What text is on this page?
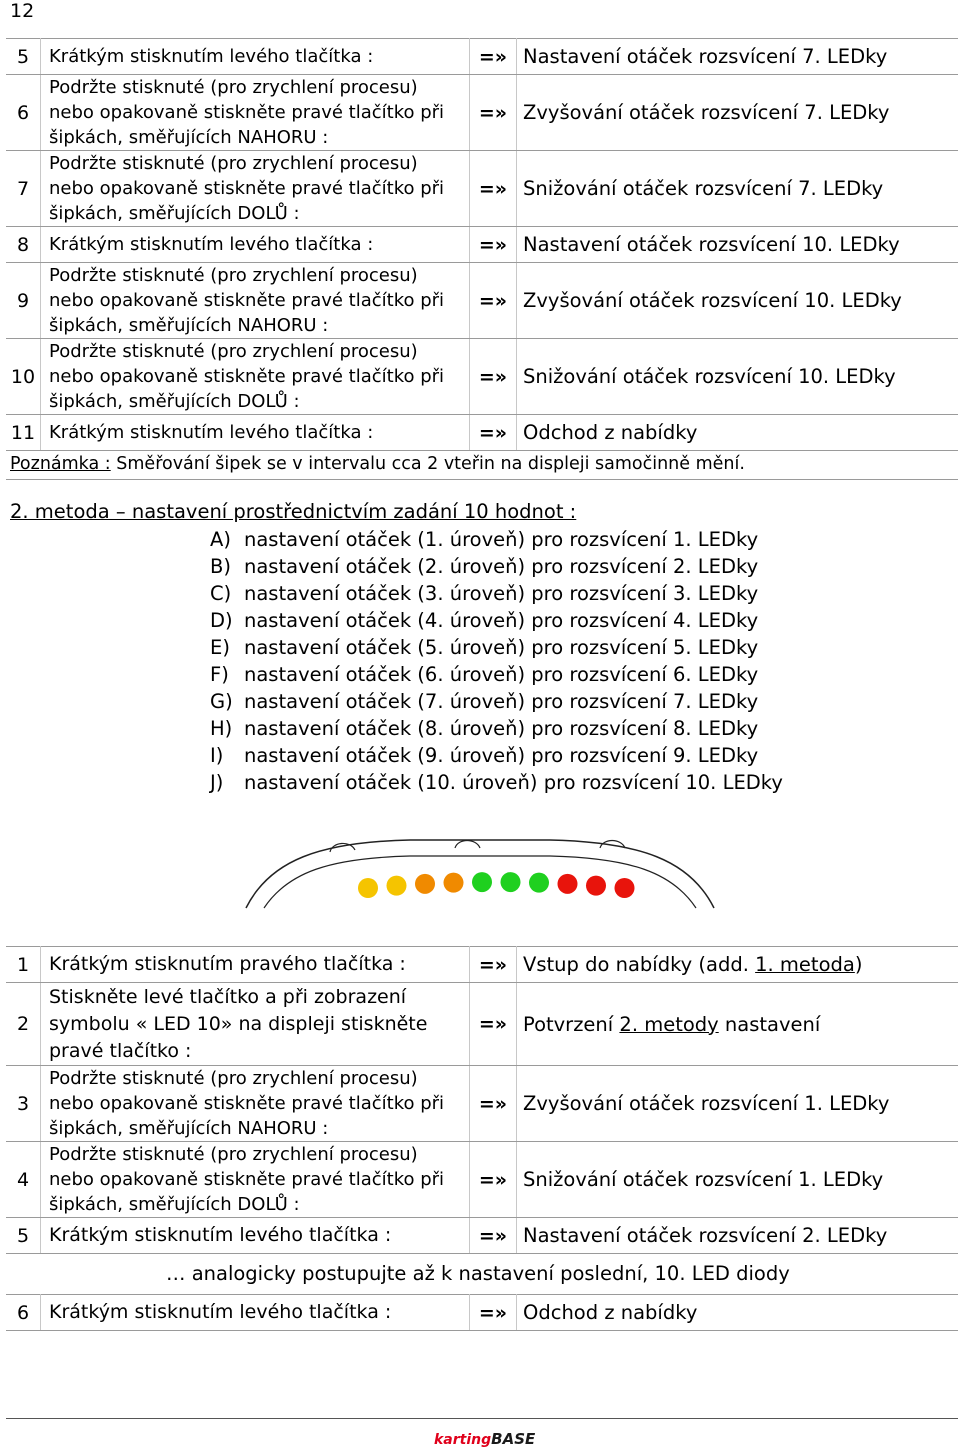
12
5	Krátkým stisknutím levého tlačítka :	=»	Nastavení otáček rozsvícení 7. LEDky
6	Podržte stisknuté (pro zrychlení procesu)
nebo opakovaně stiskněte pravé tlačítko při
šipkách, směřujících NAHORU :	=»	Zvyšování otáček rozsvícení 7. LEDky
7	Podržte stisknuté (pro zrychlení procesu)
nebo opakovaně stiskněte pravé tlačítko při
šipkách, směřujících DOLŮ :	=»	Snižování otáček rozsvícení 7. LEDky
8	Krátkým stisknutím levého tlačítka :	=»	Nastavení otáček rozsvícení 10. LEDky
9	Podržte stisknuté (pro zrychlení procesu)
nebo opakovaně stiskněte pravé tlačítko při
šipkách, směřujících NAHORU :	=»	Zvyšování otáček rozsvícení 10. LEDky
10	Podržte stisknuté (pro zrychlení procesu)
nebo opakovaně stiskněte pravé tlačítko při
šipkách, směřujících DOLŮ :	=»	Snižování otáček rozsvícení 10. LEDky
11	Krátkým stisknutím levého tlačítka :	=»	Odchod z nabídky
Poznámka : Směřování šipek se v intervalu cca 2 vteřin na displeji samočinně mění.
2. metoda – nastavení prostřednictvím zadání 10 hodnot :
A) nastavení otáček (1. úroveň) pro rozsvícení 1. LEDky
B) nastavení otáček (2. úroveň) pro rozsvícení 2. LEDky
C) nastavení otáček (3. úroveň) pro rozsvícení 3. LEDky
D) nastavení otáček (4. úroveň) pro rozsvícení 4. LEDky
E) nastavení otáček (5. úroveň) pro rozsvícení 5. LEDky
F) nastavení otáček (6. úroveň) pro rozsvícení 6. LEDky
G) nastavení otáček (7. úroveň) pro rozsvícení 7. LEDky
H) nastavení otáček (8. úroveň) pro rozsvícení 8. LEDky
I) nastavení otáček (9. úroveň) pro rozsvícení 9. LEDky
J) nastavení otáček (10. úroveň) pro rozsvícení 10. LEDky
1	Krátkým stisknutím pravého tlačítka :	=»	Vstup do nabídky (add. 1. metoda)
2	Stiskněte levé tlačítko a při zobrazení
symbolu « LED 10» na displeji stiskněte
pravé tlačítko :	=»	Potvrzení 2. metody nastavení
3	Podržte stisknuté (pro zrychlení procesu)
nebo opakovaně stiskněte pravé tlačítko při
šipkách, směřujících NAHORU :	=»	Zvyšování otáček rozsvícení 1. LEDky
4	Podržte stisknuté (pro zrychlení procesu)
nebo opakovaně stiskněte pravé tlačítko při
šipkách, směřujících DOLŮ :	=»	Snižování otáček rozsvícení 1. LEDky
5	Krátkým stisknutím levého tlačítka :	=»	Nastavení otáček rozsvícení 2. LEDky
… analogicky postupujte až k nastavení poslední, 10. LED diody
6	Krátkým stisknutím levého tlačítka :	=»	Odchod z nabídky
kartingBASE
